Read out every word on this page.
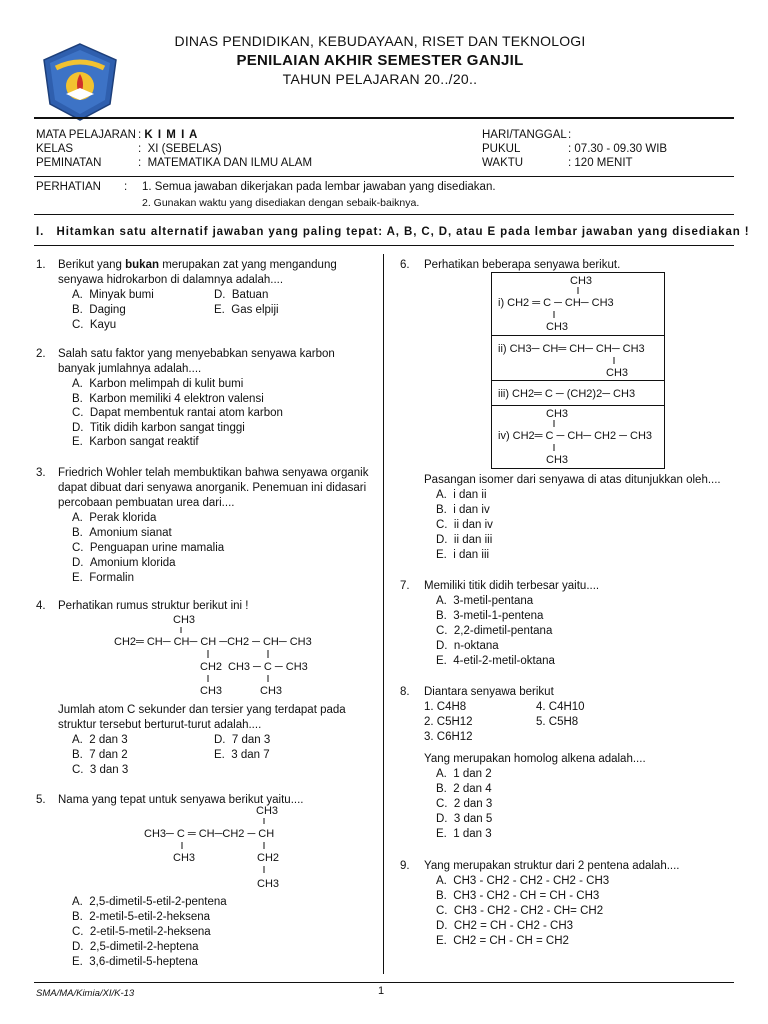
DINAS PENDIDIKAN, KEBUDAYAAN, RISET DAN TEKNOLOGI
PENILAIAN AKHIR SEMESTER GANJIL
TAHUN PELAJARAN 20../20..
MATA PELAJARAN : K I M I A
KELAS	: XI (SEBELAS)
PEMINATAN	: MATEMATIKA DAN ILMU ALAM
HARI/TANGGAL:
PUKUL	: 07.30 - 09.30 WIB
WAKTU	: 120 MENIT
PERHATIAN : 1. Semua jawaban dikerjakan pada lembar jawaban yang disediakan.
2. Gunakan waktu yang disediakan dengan sebaik-baiknya.
I. Hitamkan satu alternatif jawaban yang paling tepat: A, B, C, D, atau E pada lembar jawaban yang disediakan !
1. Berikut yang bukan merupakan zat yang mengandung
senyawa hidrokarbon di dalamnya adalah....
A. Minyak bumi	D. Batuan
B. Daging	E. Gas elpiji
C. Kayu
2. Salah satu faktor yang menyebabkan senyawa karbon
banyak jumlahnya adalah....
A. Karbon melimpah di kulit bumi
B. Karbon memiliki 4 elektron valensi
C. Dapat membentuk rantai atom karbon
D. Titik didih karbon sangat tinggi
E. Karbon sangat reaktif
3. Friedrich Wohler telah membuktikan bahwa senyawa organik
dapat dibuat dari senyawa anorganik. Penemuan ini didasari
percobaan pembuatan urea dari....
A. Perak klorida
B. Amonium sianat
C. Penguapan urine mamalia
D. Amonium klorida
E. Formalin
4. Perhatikan rumus struktur berikut ini !
CH3
CH2═ CH─ CH─ CH ─CH2 ─ CH─ CH3
CH2 CH3 ─ C ─ CH3
CH3	CH3
Jumlah atom C sekunder dan tersier yang terdapat pada
struktur tersebut berturut-turut adalah....
A. 2 dan 3	D. 7 dan 3
B. 7 dan 2	E. 3 dan 7
C. 3 dan 3
5. Nama yang tepat untuk senyawa berikut yaitu....
CH3
CH3─ C ═ CH─CH2 ─ CH
CH3	CH2
CH3
A. 2,5-dimetil-5-etil-2-pentena
B. 2-metil-5-etil-2-heksena
C. 2-etil-5-metil-2-heksena
D. 2,5-dimetil-2-heptena
E. 3,6-dimetil-5-heptena
6. Perhatikan beberapa senyawa berikut.
CH3
i) CH2 ═ C ─ CH─ CH3
CH3
ii) CH3─ CH═ CH─ CH─ CH3
CH3
iii) CH2═ C ─ (CH2)2─ CH3
CH3
iv) CH2═ C ─ CH─ CH2 ─ CH3
CH3
Pasangan isomer dari senyawa di atas ditunjukkan oleh....
A. i dan ii
B. i dan iv
C. ii dan iv
D. ii dan iii
E. i dan iii
7. Memiliki titik didih terbesar yaitu....
A. 3-metil-pentana
B. 3-metil-1-pentena
C. 2,2-dimetil-pentana
D. n-oktana
E. 4-etil-2-metil-oktana
8. Diantara senyawa berikut
1. C4H8	4. C4H10
2. C5H12	5. C5H8
3. C6H12
Yang merupakan homolog alkena adalah....
A. 1 dan 2
B. 2 dan 4
C. 2 dan 3
D. 3 dan 5
E. 1 dan 3
9. Yang merupakan struktur dari 2 pentena adalah....
A. CH3 - CH2 - CH2 - CH2 - CH3
B. CH3 - CH2 - CH = CH - CH3
C. CH3 - CH2 - CH2 - CH= CH2
D. CH2 = CH - CH2 - CH3
E. CH2 = CH - CH = CH2
SMA/MA/Kimia/XI/K-13	1
